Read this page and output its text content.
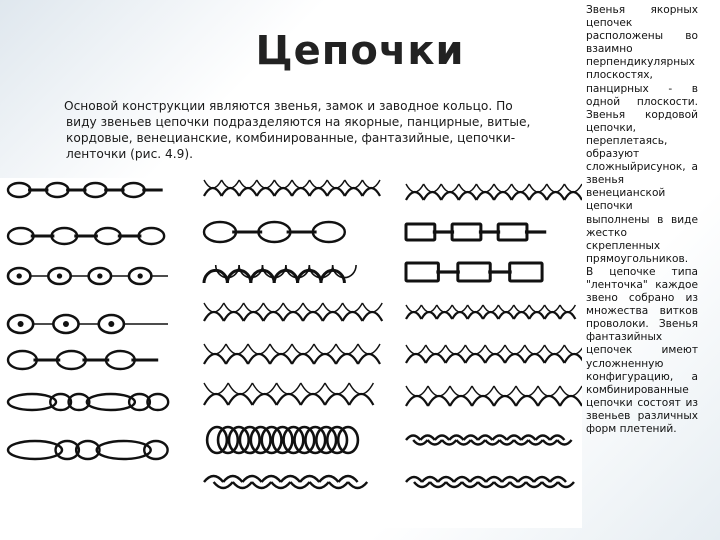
Цепочки
Основой конструкции являются звенья, замок и заводное кольцо. По виду звеньев цепочки подразделяются на якорные, панцирные, витые, кордовые, венецианские, комбинированные, фантазийные, цепочки-ленточки (рис. 4.9).
Звенья якорных цепочек расположены во взаимно перпендикулярных плоскостях, панцирных - в одной плоскости. Звенья кордовой цепочки, переплетаясь, образуют сложныйрисунок, а звенья венецианской цепочки выполнены в виде жестко скрепленных прямоугольников. В цепочке типа "ленточка" каждое звено собрано из множества витков проволоки. Звенья фантазийных цепочек имеют усложненную конфигурацию, а комбинированные цепочки состоят из звеньев различных форм плетений.
